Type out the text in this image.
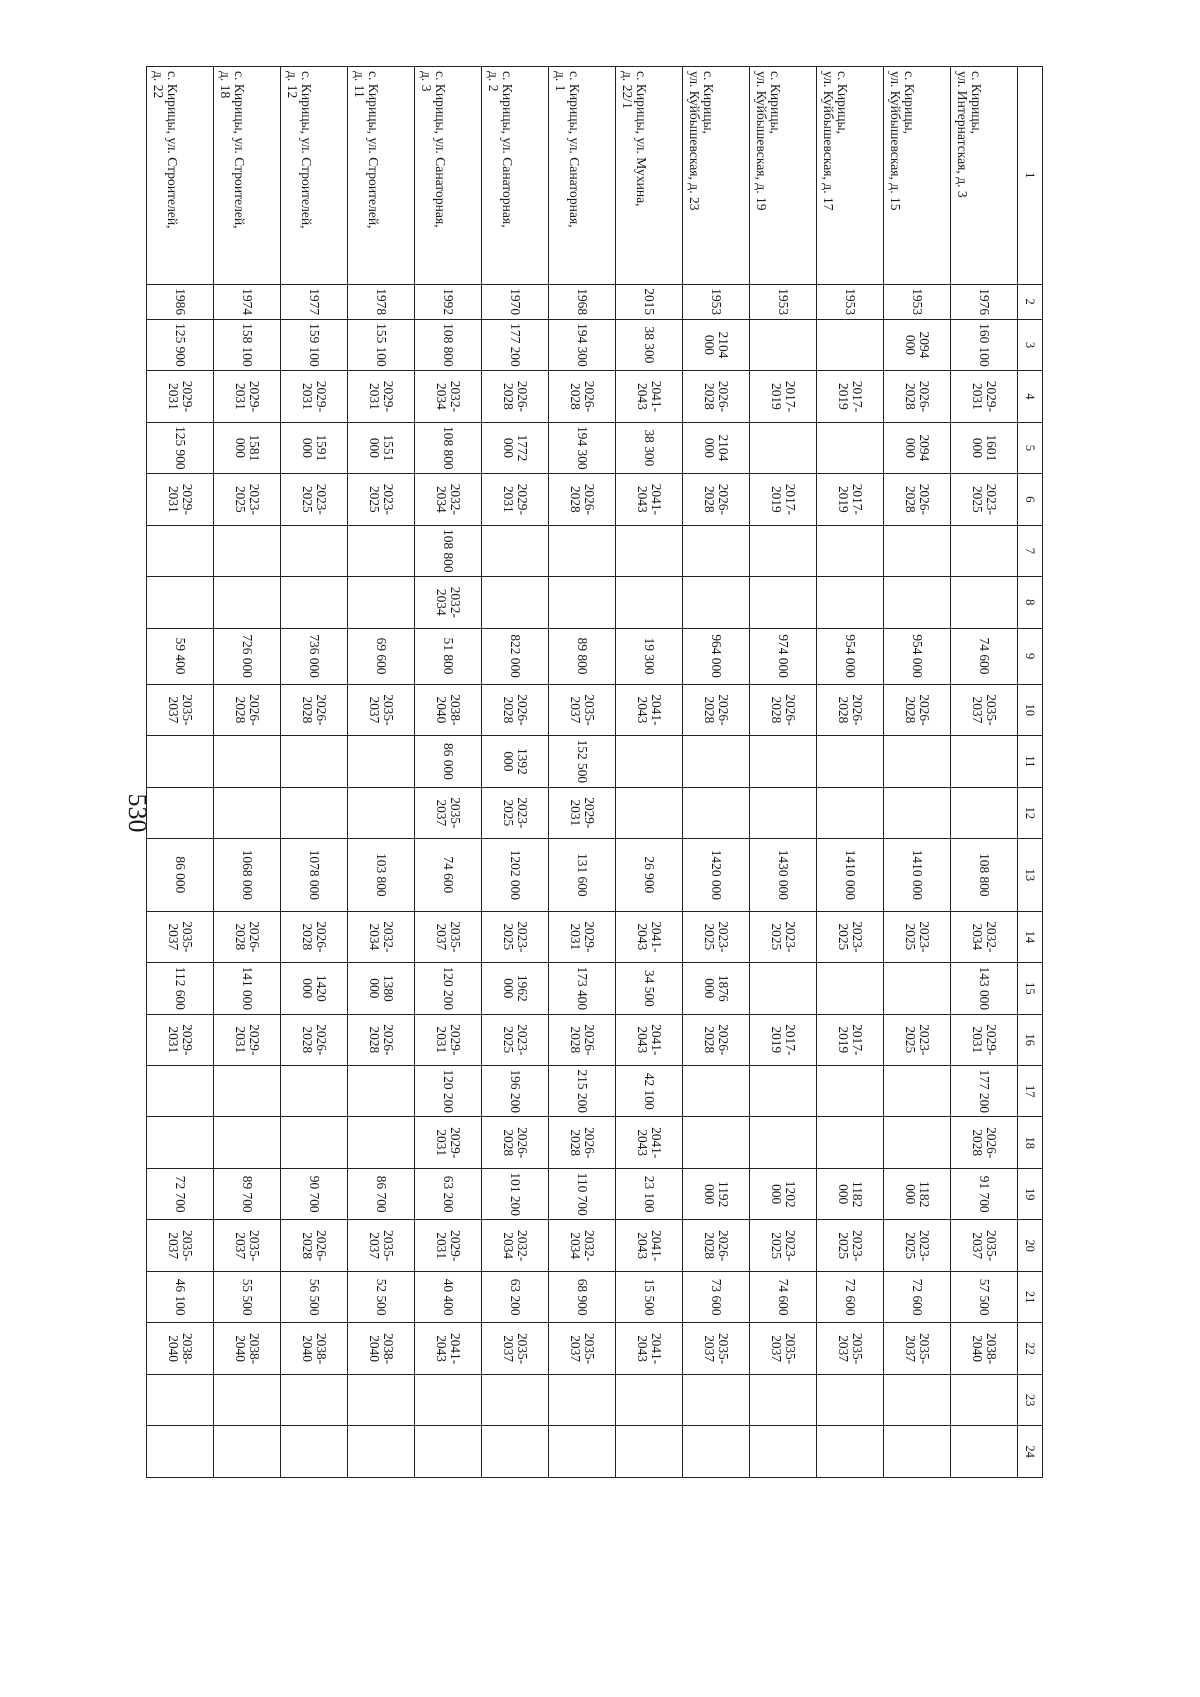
530
1	2	3	4	5	6	7	8	9	10	11	12	13	14	15	16	17	18	19	20	21	22	23	24
с. Кирицы,
ул. Интернатская, д. 3	1976	160 100	2029-
2031	1601
000	2023-
2025			74 600	2035-
2037			108 800	2032-
2034	143 000	2029-
2031	177 200	2026-
2028	91 700	2035-
2037	57 500	2038-
2040		
с. Кирицы,
ул. Куйбышевская, д. 15	1953	2094
000	2026-
2028	2094
000	2026-
2028			954 000	2026-
2028			1410 000	2023-
2025		2023-
2025			1182
000	2023-
2025	72 600	2035-
2037		
с. Кирицы,
ул. Куйбышевская, д. 17	1953		2017-
2019		2017-
2019			954 000	2026-
2028			1410 000	2023-
2025		2017-
2019			1182
000	2023-
2025	72 600	2035-
2037		
с. Кирицы,
ул. Куйбышевская, д. 19	1953		2017-
2019		2017-
2019			974 000	2026-
2028			1430 000	2023-
2025		2017-
2019			1202
000	2023-
2025	74 600	2035-
2037		
с. Кирицы,
ул. Куйбышевская, д. 23	1953	2104
000	2026-
2028	2104
000	2026-
2028			964 000	2026-
2028			1420 000	2023-
2025	1876
000	2026-
2028			1192
000	2026-
2028	73 600	2035-
2037		
с. Кирицы, ул. Мухина,
д. 22/1	2015	38 300	2041-
2043	38 300	2041-
2043			19 300	2041-
2043			26 900	2041-
2043	34 500	2041-
2043	42 100	2041-
2043	23 100	2041-
2043	15 500	2041-
2043		
с. Кирицы, ул. Санаторная,
д. 1	1968	194 300	2026-
2028	194 300	2026-
2028			89 800	2035-
2037	152 500	2029-
2031	131 600	2029-
2031	173 400	2026-
2028	215 200	2026-
2028	110 700	2032-
2034	68 900	2035-
2037		
с. Кирицы, ул. Санаторная,
д. 2	1970	177 200	2026-
2028	1772
000	2029-
2031			822 000	2026-
2028	1392
000	2023-
2025	1202 000	2023-
2025	1962
000	2023-
2025	196 200	2026-
2028	101 200	2032-
2034	63 200	2035-
2037		
с. Кирицы, ул. Санаторная,
д. 3	1992	108 800	2032-
2034	108 800	2032-
2034	108 800	2032-
2034	51 800	2038-
2040	86 000	2035-
2037	74 600	2035-
2037	120 200	2029-
2031	120 200	2029-
2031	63 200	2029-
2031	40 400	2041-
2043		
с. Кирицы, ул. Строителей,
д. 11	1978	155 100	2029-
2031	1551
000	2023-
2025			69 600	2035-
2037			103 800	2032-
2034	1380
000	2026-
2028			86 700	2035-
2037	52 500	2038-
2040		
с. Кирицы, ул. Строителей,
д. 12	1977	159 100	2029-
2031	1591
000	2023-
2025			736 000	2026-
2028			1078 000	2026-
2028	1420
000	2026-
2028			90 700	2026-
2028	56 500	2038-
2040		
с. Кирицы, ул. Строителей,
д. 18	1974	158 100	2029-
2031	1581
000	2023-
2025			726 000	2026-
2028			1068 000	2026-
2028	141 000	2029-
2031			89 700	2035-
2037	55 500	2038-
2040		
с. Кирицы, ул. Строителей,
д. 22	1986	125 900	2029-
2031	125 900	2029-
2031			59 400	2035-
2037			86 000	2035-
2037	112 600	2029-
2031			72 700	2035-
2037	46 100	2038-
2040		
